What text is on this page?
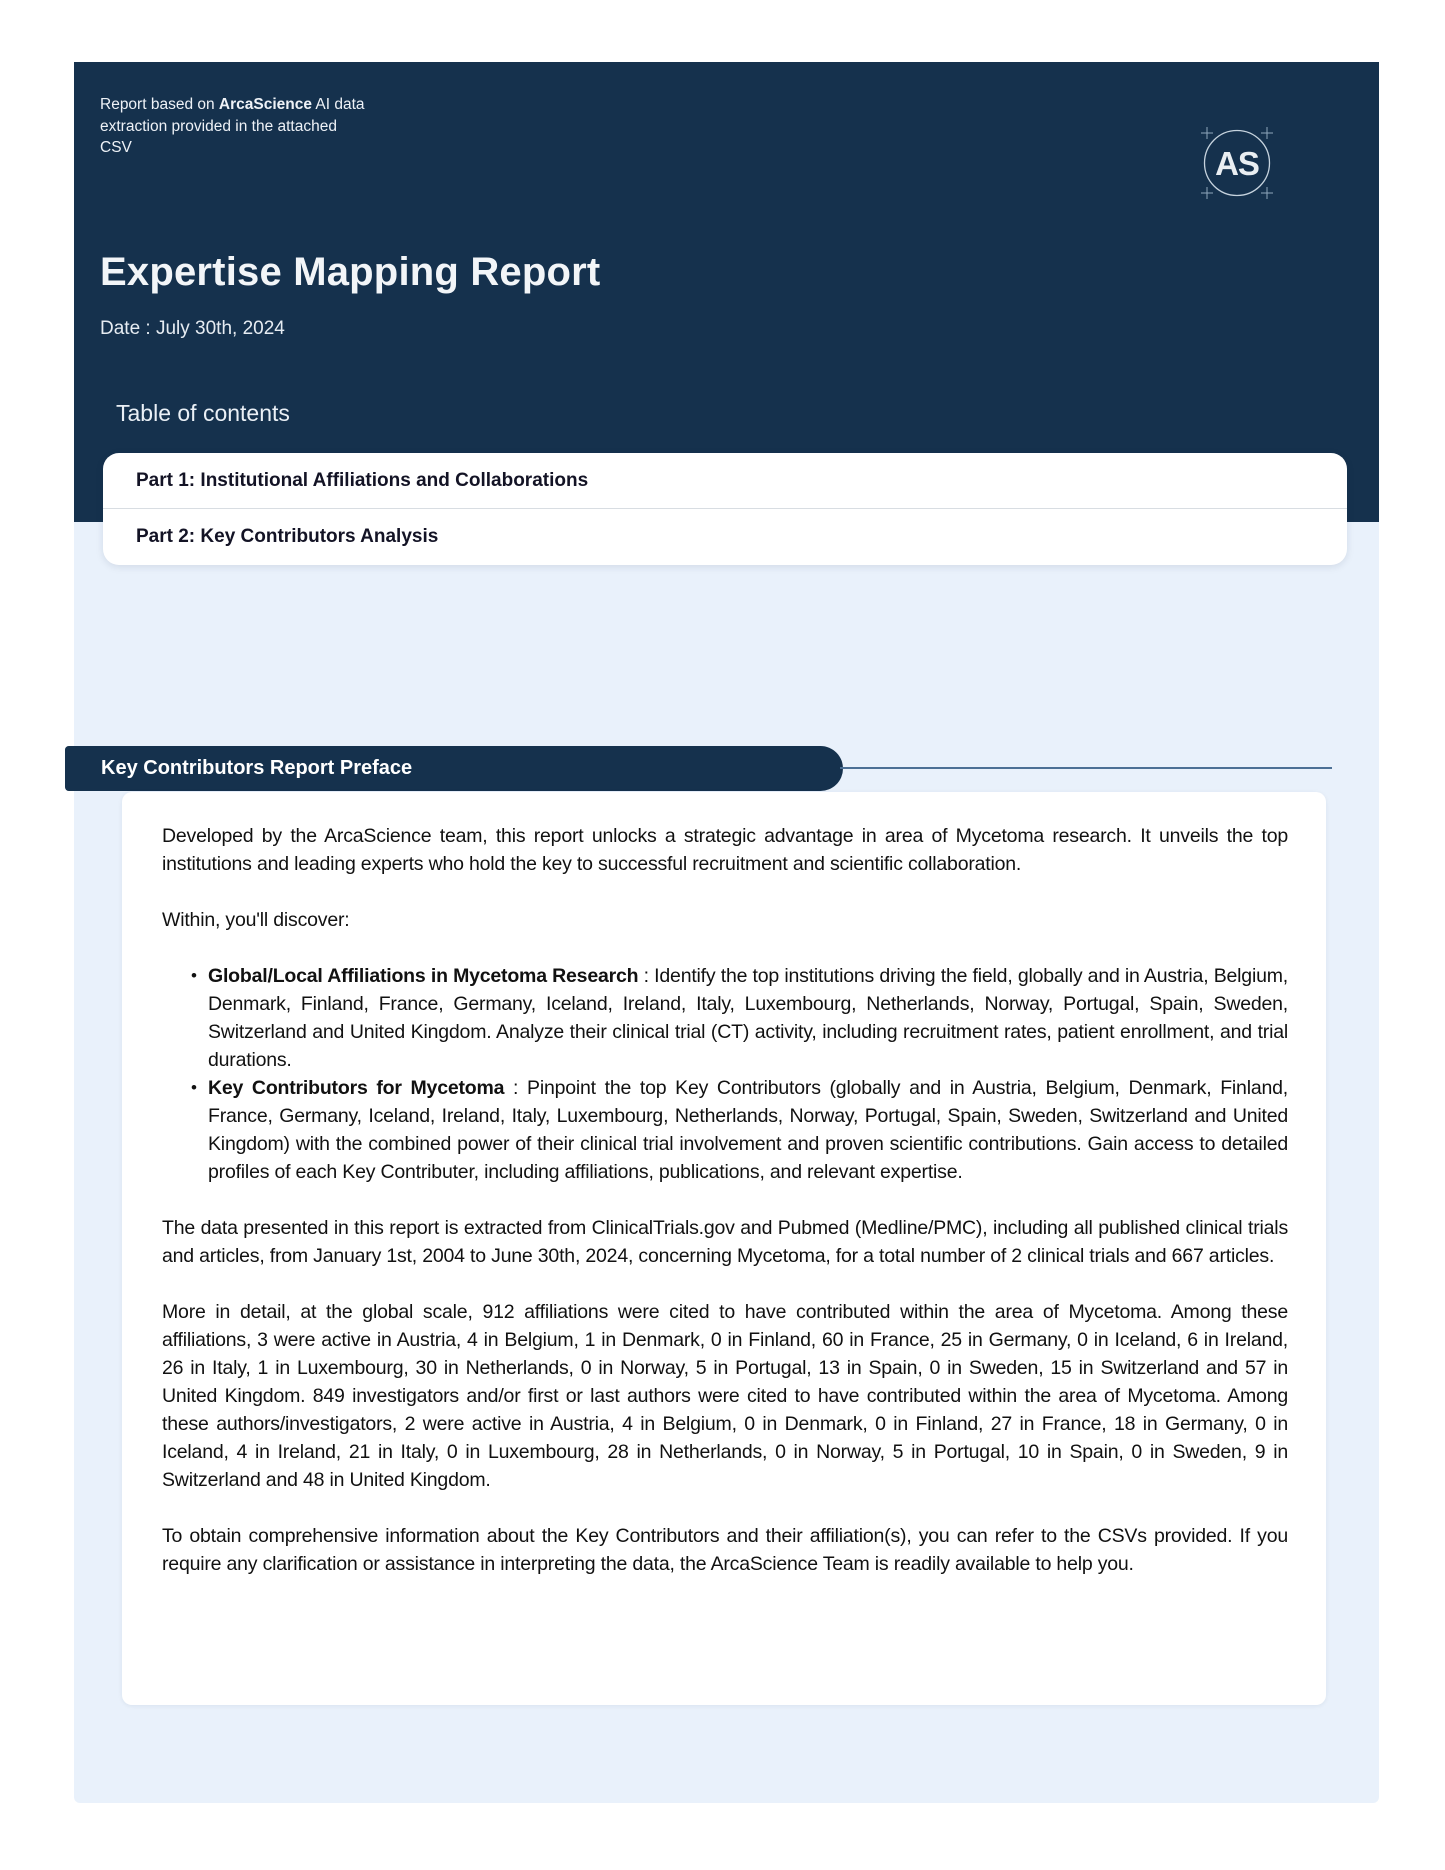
Report based on ArcaScience AI data extraction provided in the attached CSV	AS
Expertise Mapping Report
Date : July 30th, 2024
Table of contents
Part 1: Institutional Affiliations and Collaborations
Part 2: Key Contributors Analysis
Key Contributors Report Preface

Developed by the ArcaScience team, this report unlocks a strategic advantage in area of Mycetoma research. It unveils the top institutions and leading experts who hold the key to successful recruitment and scientific collaboration.

Within, you'll discover:

• Global/Local Affiliations in Mycetoma Research : Identify the top institutions driving the field, globally and in Austria, Belgium, Denmark, Finland, France, Germany, Iceland, Ireland, Italy, Luxembourg, Netherlands, Norway, Portugal, Spain, Sweden, Switzerland and United Kingdom. Analyze their clinical trial (CT) activity, including recruitment rates, patient enrollment, and trial durations.
• Key Contributors for Mycetoma : Pinpoint the top Key Contributors (globally and in Austria, Belgium, Denmark, Finland, France, Germany, Iceland, Ireland, Italy, Luxembourg, Netherlands, Norway, Portugal, Spain, Sweden, Switzerland and United Kingdom) with the combined power of their clinical trial involvement and proven scientific contributions. Gain access to detailed profiles of each Key Contributer, including affiliations, publications, and relevant expertise.

The data presented in this report is extracted from ClinicalTrials.gov and Pubmed (Medline/PMC), including all published clinical trials and articles, from January 1st, 2004 to June 30th, 2024, concerning Mycetoma, for a total number of 2 clinical trials and 667 articles.

More in detail, at the global scale, 912 affiliations were cited to have contributed within the area of Mycetoma. Among these affiliations, 3 were active in Austria, 4 in Belgium, 1 in Denmark, 0 in Finland, 60 in France, 25 in Germany, 0 in Iceland, 6 in Ireland, 26 in Italy, 1 in Luxembourg, 30 in Netherlands, 0 in Norway, 5 in Portugal, 13 in Spain, 0 in Sweden, 15 in Switzerland and 57 in United Kingdom. 849 investigators and/or first or last authors were cited to have contributed within the area of Mycetoma. Among these authors/investigators, 2 were active in Austria, 4 in Belgium, 0 in Denmark, 0 in Finland, 27 in France, 18 in Germany, 0 in Iceland, 4 in Ireland, 21 in Italy, 0 in Luxembourg, 28 in Netherlands, 0 in Norway, 5 in Portugal, 10 in Spain, 0 in Sweden, 9 in Switzerland and 48 in United Kingdom.

To obtain comprehensive information about the Key Contributors and their affiliation(s), you can refer to the CSVs provided. If you require any clarification or assistance in interpreting the data, the ArcaScience Team is readily available to help you.
